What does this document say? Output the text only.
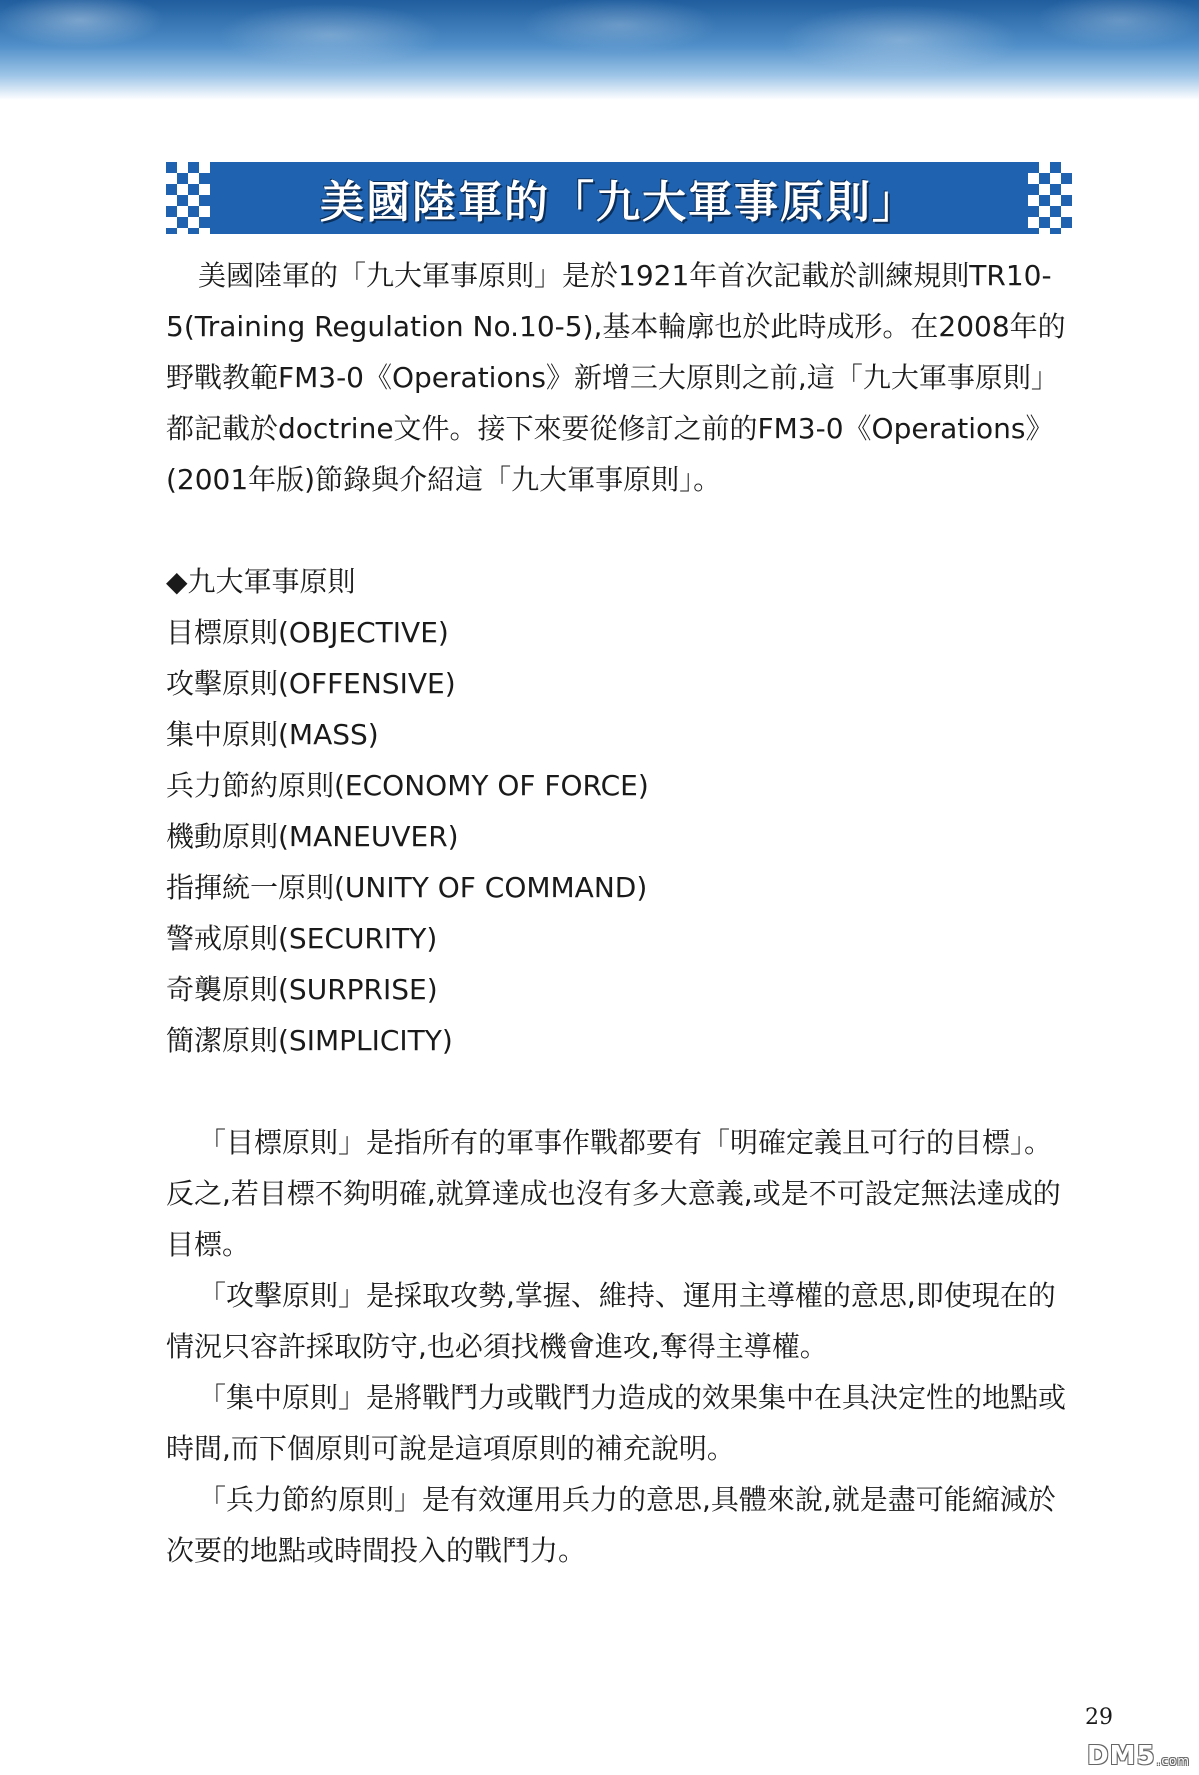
美國陸軍的「九大軍事原則」

美國陸軍的「九大軍事原則」是於1921年首次記載於訓練規則TR10-5(Training Regulation No.10-5),基本輪廓也於此時成形。在2008年的野戰教範FM3-0《Operations》新增三大原則之前,這「九大軍事原則」都記載於doctrine文件。接下來要從修訂之前的FM3-0《Operations》(2001年版)節錄與介紹這「九大軍事原則」。

◆九大軍事原則
目標原則(OBJECTIVE)
攻擊原則(OFFENSIVE)
集中原則(MASS)
兵力節約原則(ECONOMY OF FORCE)
機動原則(MANEUVER)
指揮統一原則(UNITY OF COMMAND)
警戒原則(SECURITY)
奇襲原則(SURPRISE)
簡潔原則(SIMPLICITY)

「目標原則」是指所有的軍事作戰都要有「明確定義且可行的目標」。反之,若目標不夠明確,就算達成也沒有多大意義,或是不可設定無法達成的目標。

「攻擊原則」是採取攻勢,掌握、維持、運用主導權的意思,即使現在的情況只容許採取防守,也必須找機會進攻,奪得主導權。

「集中原則」是將戰鬥力或戰鬥力造成的效果集中在具決定性的地點或時間,而下個原則可說是這項原則的補充說明。

「兵力節約原則」是有效運用兵力的意思,具體來說,就是盡可能縮減於次要的地點或時間投入的戰鬥力。

29
DM5 .com
